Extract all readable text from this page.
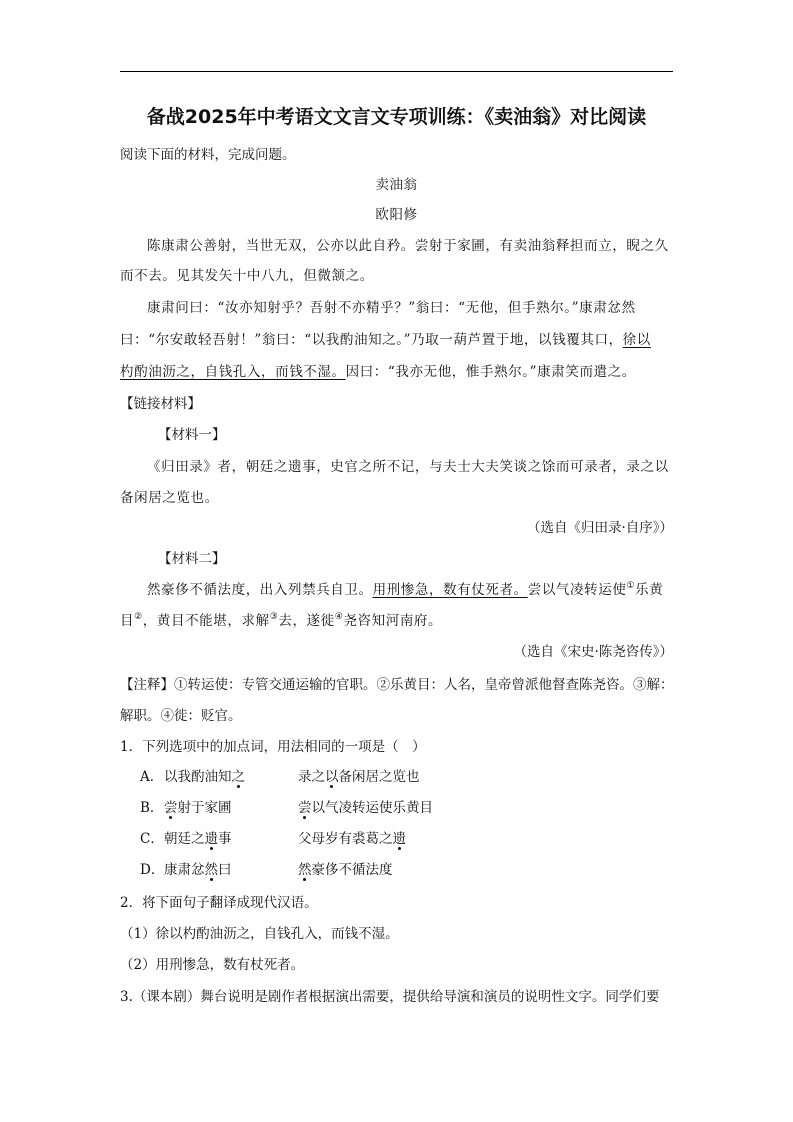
备战2025年中考语文文言文专项训练：《卖油翁》对比阅读
阅读下面的材料，完成问题。
卖油翁
欧阳修
陈康肃公善射，当世无双，公亦以此自矜。尝射于家圃，有卖油翁释担而立，睨之久
而不去。见其发矢十中八九，但微颔之。
康肃问曰：“汝亦知射乎？吾射不亦精乎？”翁曰：“无他，但手熟尔。”康肃忿然
曰：“尔安敢轻吾射！”翁曰：“以我酌油知之。”乃取一葫芦置于地，以钱覆其口，徐以
杓酌油沥之，自钱孔入，而钱不湿。因曰：“我亦无他，惟手熟尔。”康肃笑而遣之。
【链接材料】
【材料一】
《归田录》者，朝廷之遗事，史官之所不记，与夫士大夫笑谈之馀而可录者，录之以
备闲居之览也。
（选自《归田录·自序》）
【材料二】
然豪侈不循法度，出入列禁兵自卫。用刑惨急，数有仗死者。尝以气凌转运使①乐黄
目②，黄目不能堪，求解③去，遂徙④尧咨知河南府。
（选自《宋史·陈尧咨传》）
【注释】①转运使：专管交通运输的官职。②乐黄目：人名，皇帝曾派他督查陈尧咨。③解：
解职。④徙：贬官。
1．下列选项中的加点词，用法相同的一项是（　）
A．以我酌油知之	录之以备闲居之览也
B．尝射于家圃	尝以气凌转运使乐黄目
C．朝廷之遗事	父母岁有裘葛之遗
D．康肃忿然曰	然豪侈不循法度
2．将下面句子翻译成现代汉语。
（1）徐以杓酌油沥之，自钱孔入，而钱不湿。
（2）用刑惨急，数有杖死者。
3.（课本剧）舞台说明是剧作者根据演出需要，提供给导演和演员的说明性文字。同学们要
